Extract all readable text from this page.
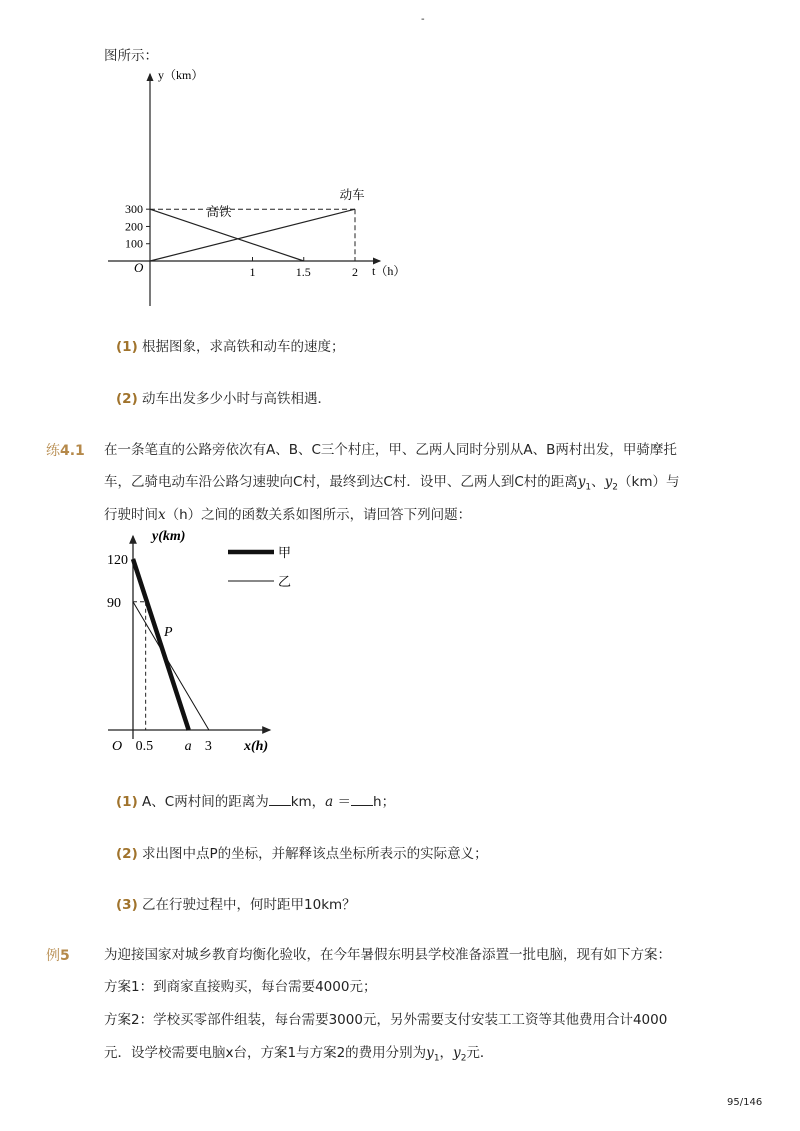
-
图所示：
100
200
300
1	1.5	2
y（km）
t（h）
O
高铁
动车
(1) 根据图象，求高铁和动车的速度；
(2) 动车出发多少小时与高铁相遇．
练4.1 在一条笔直的公路旁依次有A、B、C三个村庄，甲、乙两人同时分别从A、B两村出发，甲骑摩托
车，乙骑电动车沿公路匀速驶向C村，最终到达C村．设甲、乙两人到C村的距离$y_1$、$y_2(km)$与
行驶时间x（h）之间的函数关系如图所示，请回答下列问题：
120
90
0.5 a 3
y(km)
x(h)
O
P
甲
乙
(1) A、C两村间的距离为 km，a ＝ h；
(2) 求出图中点P的坐标，并解释该点坐标所表示的实际意义；
(3) 乙在行驶过程中，何时距甲10km？
例5	为迎接国家对城乡教育均衡化验收，在今年暑假东明县学校准备添置一批电脑，现有如下方案：
方案1：到商家直接购买，每台需要4000元；
方案2：学校买零部件组装，每台需要3000元，另外需要支付安装工工资等其他费用合计4000
元．设学校需要电脑x台，方案1与方案2的费用分别为$y_1$，$y_2$元．
95/146
